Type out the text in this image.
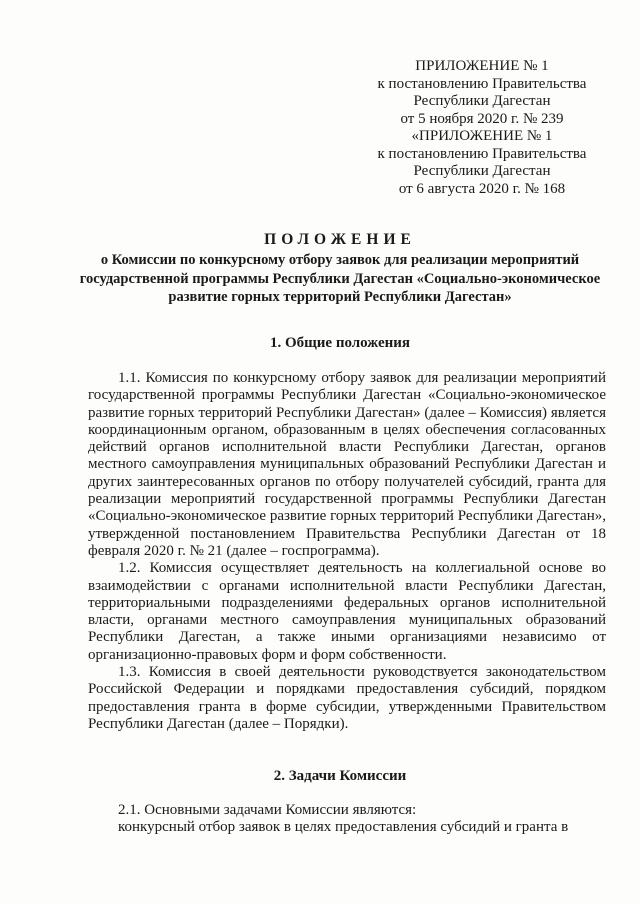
ПРИЛОЖЕНИЕ № 1
к постановлению Правительства
Республики Дагестан
от 5 ноября 2020 г. № 239
«ПРИЛОЖЕНИЕ № 1
к постановлению Правительства
Республики Дагестан
от 6 августа 2020 г. № 168
ПОЛОЖЕНИЕ
о Комиссии по конкурсному отбору заявок для реализации мероприятий государственной программы Республики Дагестан «Социально-экономическое развитие горных территорий Республики Дагестан»
1. Общие положения

1.1. Комиссия по конкурсному отбору заявок для реализации мероприятий государственной программы Республики Дагестан «Социально-экономическое развитие горных территорий Республики Дагестан» (далее – Комиссия) является координационным органом, образованным в целях обеспечения согласованных действий органов исполнительной власти Республики Дагестан, органов местного самоуправления муниципальных образований Республики Дагестан и других заинтересованных органов по отбору получателей субсидий, гранта для реализации мероприятий государственной программы Республики Дагестан «Социально-экономическое развитие горных территорий Республики Дагестан», утвержденной постановлением Правительства Республики Дагестан от 18 февраля 2020 г. № 21 (далее – госпрограмма).

1.2. Комиссия осуществляет деятельность на коллегиальной основе во взаимодействии с органами исполнительной власти Республики Дагестан, территориальными подразделениями федеральных органов исполнительной власти, органами местного самоуправления муниципальных образований Республики Дагестан, а также иными организациями независимо от организационно-правовых форм и форм собственности.

1.3. Комиссия в своей деятельности руководствуется законодательством Российской Федерации и порядками предоставления субсидий, порядком предоставления гранта в форме субсидии, утвержденными Правительством Республики Дагестан (далее – Порядки).

2. Задачи Комиссии

2.1. Основными задачами Комиссии являются:

конкурсный отбор заявок в целях предоставления субсидий и гранта в
